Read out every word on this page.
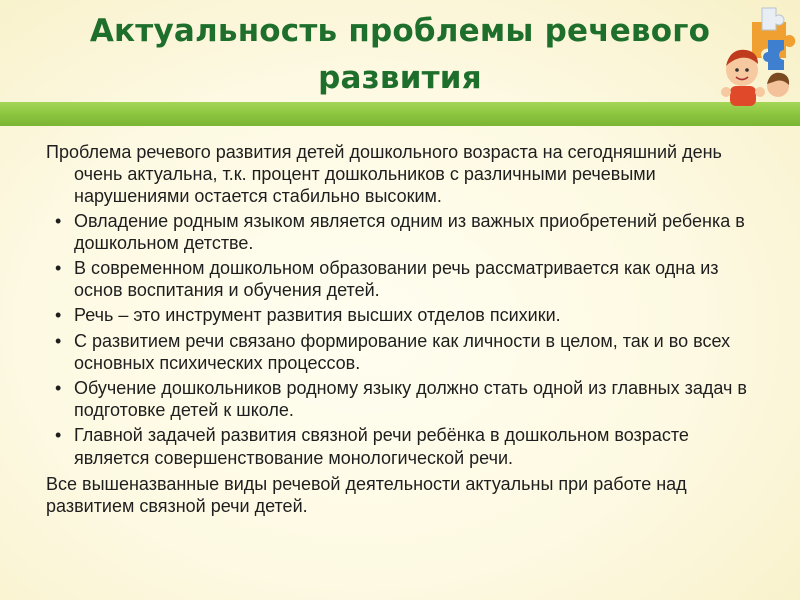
Актуальность проблемы речевого
развития

Проблема речевого развития детей дошкольного возраста на сегодняшний день очень актуальна, т.к. процент дошкольников с различными речевыми нарушениями остается стабильно высоким.

• Овладение родным языком является одним из важных приобретений ребенка в дошкольном детстве.
• В современном дошкольном образовании речь рассматривается как одна из основ воспитания и обучения детей.
• Речь – это инструмент развития высших отделов психики.
• С развитием речи связано формирование как личности в целом, так и во всех основных психических процессов.
• Обучение дошкольников родному языку должно стать одной из главных задач в подготовке детей к школе.
• Главной задачей развития связной речи ребёнка в дошкольном возрасте является совершенствование монологической речи.

Все вышеназванные виды речевой деятельности актуальны при работе над развитием связной речи детей.
